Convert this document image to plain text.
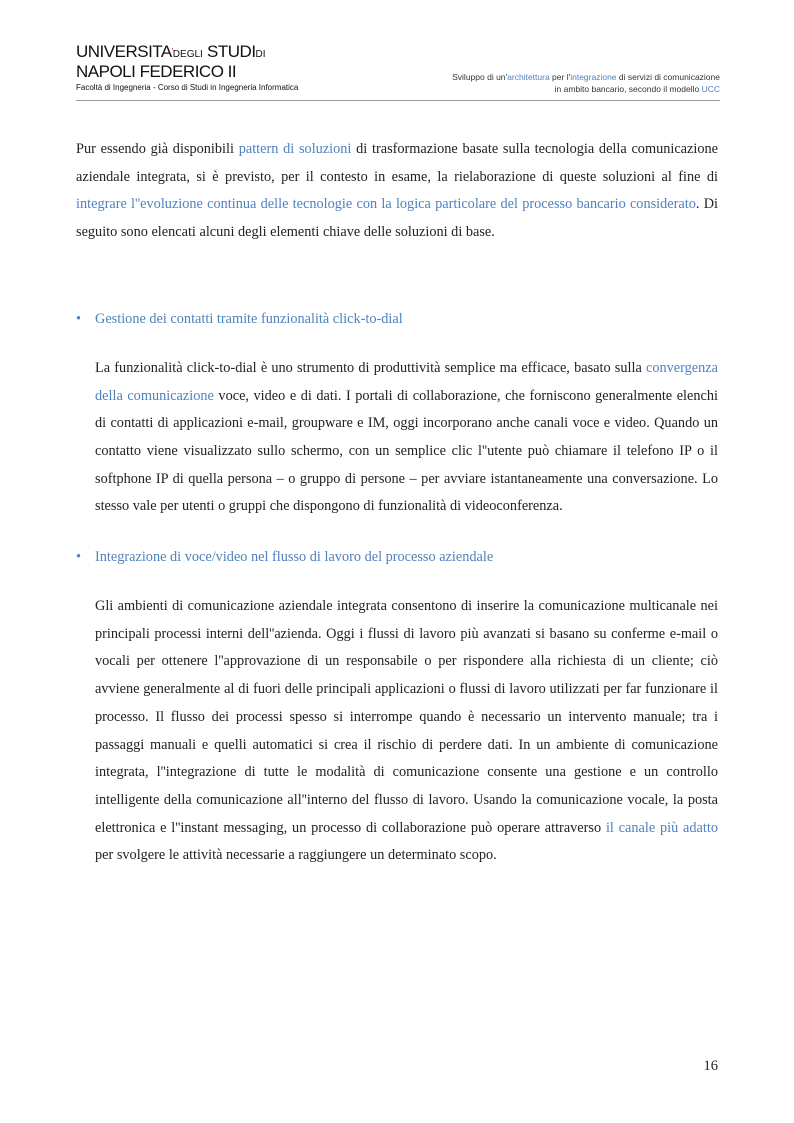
UNIVERSITA'DEGLI STUDIDI
NAPOLI FEDERICO II
Facoltà di Ingegneria - Corso di Studi in Ingegneria Informatica
Sviluppo di un'architettura per l'integrazione di servizi di comunicazione
in ambito bancario, secondo il modello UCC

Pur essendo già disponibili pattern di soluzioni di trasformazione basate sulla tecnologia della comunicazione aziendale integrata, si è previsto, per il contesto in esame, la rielaborazione di queste soluzioni al fine di integrare l''evoluzione continua delle tecnologie con la logica particolare del processo bancario considerato. Di seguito sono elencati alcuni degli elementi chiave delle soluzioni di base.

• Gestione dei contatti tramite funzionalità click-to-dial

La funzionalità click-to-dial è uno strumento di produttività semplice ma efficace, basato sulla convergenza della comunicazione voce, video e di dati. I portali di collaborazione, che forniscono generalmente elenchi di contatti di applicazioni e-mail, groupware e IM, oggi incorporano anche canali voce e video. Quando un contatto viene visualizzato sullo schermo, con un semplice clic l''utente può chiamare il telefono IP o il softphone IP di quella persona – o gruppo di persone – per avviare istantaneamente una conversazione. Lo stesso vale per utenti o gruppi che dispongono di funzionalità di videoconferenza.

• Integrazione di voce/video nel flusso di lavoro del processo aziendale

Gli ambienti di comunicazione aziendale integrata consentono di inserire la comunicazione multicanale nei principali processi interni dell''azienda. Oggi i flussi di lavoro più avanzati si basano su conferme e-mail o vocali per ottenere l''approvazione di un responsabile o per rispondere alla richiesta di un cliente; ciò avviene generalmente al di fuori delle principali applicazioni o flussi di lavoro utilizzati per far funzionare il processo. Il flusso dei processi spesso si interrompe quando è necessario un intervento manuale; tra i passaggi manuali e quelli automatici si crea il rischio di perdere dati. In un ambiente di comunicazione integrata, l''integrazione di tutte le modalità di comunicazione consente una gestione e un controllo intelligente della comunicazione all''interno del flusso di lavoro. Usando la comunicazione vocale, la posta elettronica e l''instant messaging, un processo di collaborazione può operare attraverso il canale più adatto per svolgere le attività necessarie a raggiungere un determinato scopo.

16
